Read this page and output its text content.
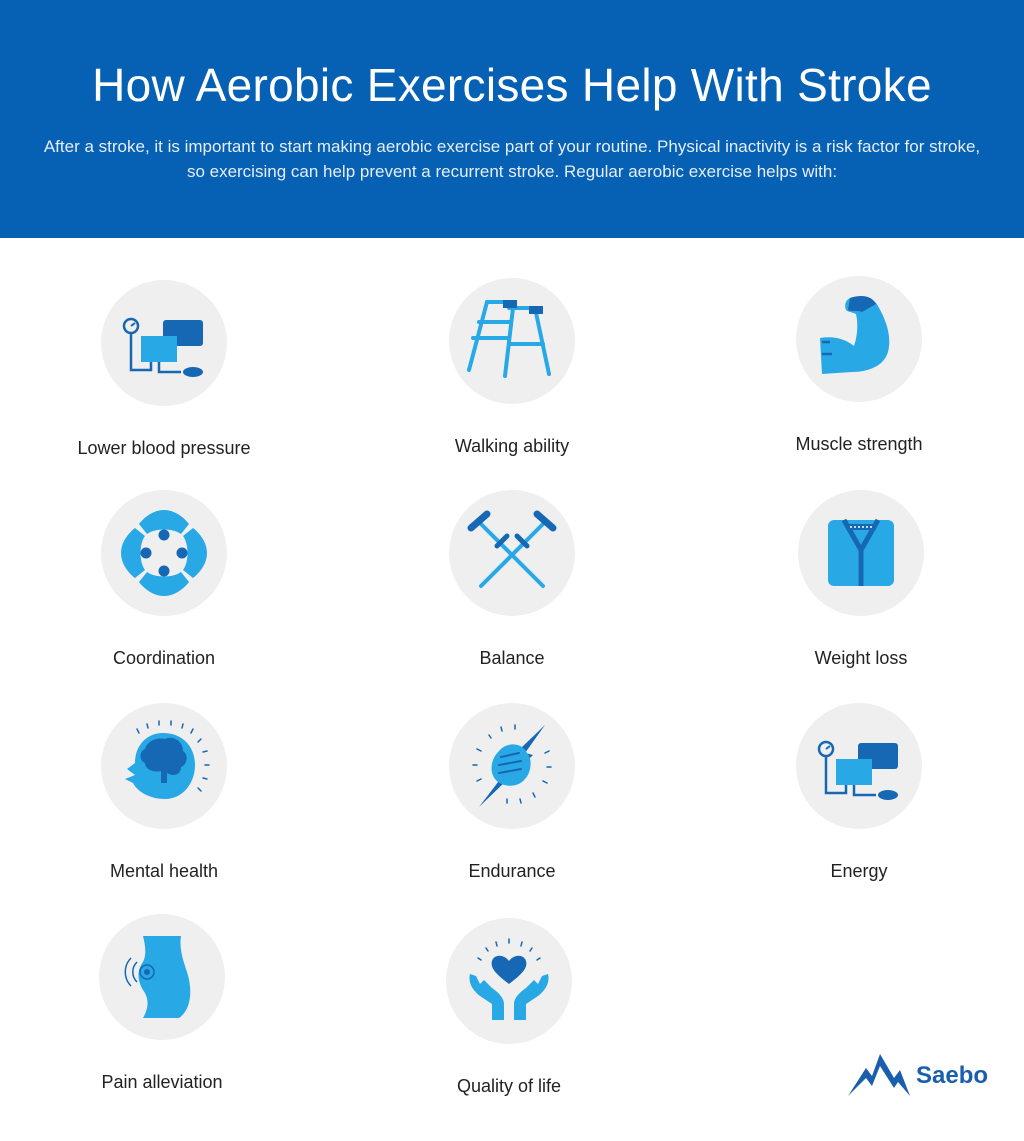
How Aerobic Exercises Help With Stroke

After a stroke, it is important to start making aerobic exercise part of your routine. Physical inactivity is a risk factor for stroke, so exercising can help prevent a recurrent stroke. Regular aerobic exercise helps with:

Lower blood pressure	Walking ability	Muscle strength
Coordination	Balance	Weight loss
Mental health	Endurance	Energy
Pain alleviation	Quality of life	Saebo
